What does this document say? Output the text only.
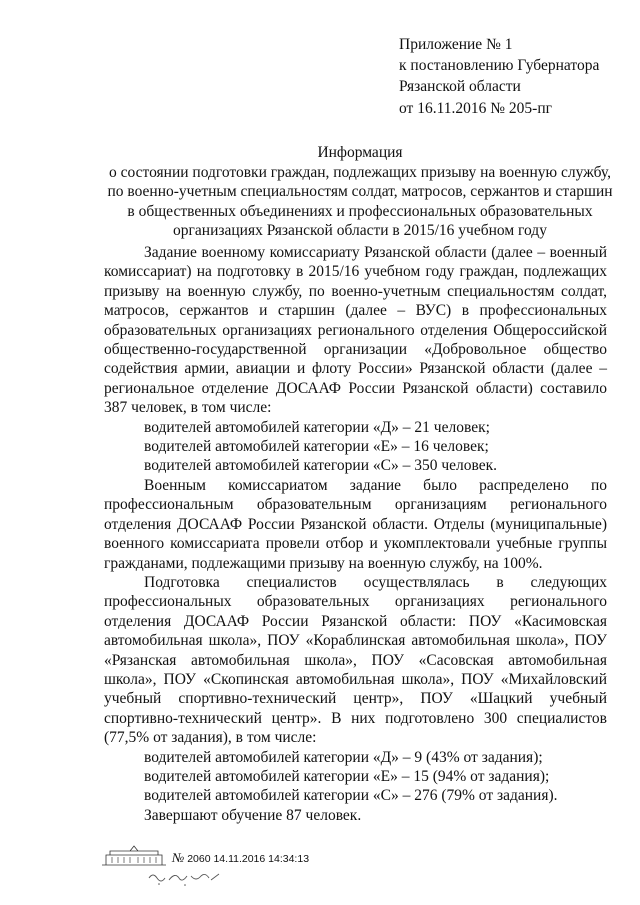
Приложение № 1
к постановлению Губернатора
Рязанской области
от 16.11.2016 № 205-пг
Информация
о состоянии подготовки граждан, подлежащих призыву на военную службу,
по военно-учетным специальностям солдат, матросов, сержантов и старшин
в общественных объединениях и профессиональных образовательных
организациях Рязанской области в 2015/16 учебном году

Задание военному комиссариату Рязанской области (далее – военный комиссариат) на подготовку в 2015/16 учебном году граждан, подлежащих призыву на военную службу, по военно-учетным специальностям солдат, матросов, сержантов и старшин (далее – ВУС) в профессиональных образовательных организациях регионального отделения Общероссийской общественно-государственной организации «Добровольное общество содействия армии, авиации и флоту России» Рязанской области (далее – региональное отделение ДОСААФ России Рязанской области) составило 387 человек, в том числе:

водителей автомобилей категории «Д» – 21 человек;

водителей автомобилей категории «Е» – 16 человек;

водителей автомобилей категории «С» – 350 человек.

Военным комиссариатом задание было распределено по профессиональным образовательным организациям регионального отделения ДОСААФ России Рязанской области. Отделы (муниципальные) военного комиссариата провели отбор и укомплектовали учебные группы гражданами, подлежащими призыву на военную службу, на 100%.

Подготовка специалистов осуществлялась в следующих профессиональных образовательных организациях регионального отделения ДОСААФ России Рязанской области: ПОУ «Касимовская автомобильная школа», ПОУ «Кораблинская автомобильная школа», ПОУ «Рязанская автомобильная школа», ПОУ «Сасовская автомобильная школа», ПОУ «Скопинская автомобильная школа», ПОУ «Михайловский учебный спортивно-технический центр», ПОУ «Шацкий учебный спортивно-технический центр». В них подготовлено 300 специалистов (77,5% от задания), в том числе:

водителей автомобилей категории «Д» – 9 (43% от задания);

водителей автомобилей категории «Е» – 15 (94% от задания);

водителей автомобилей категории «С» – 276 (79% от задания).

Завершают обучение 87 человек.

№ 2060 14.11.2016 14:34:13
